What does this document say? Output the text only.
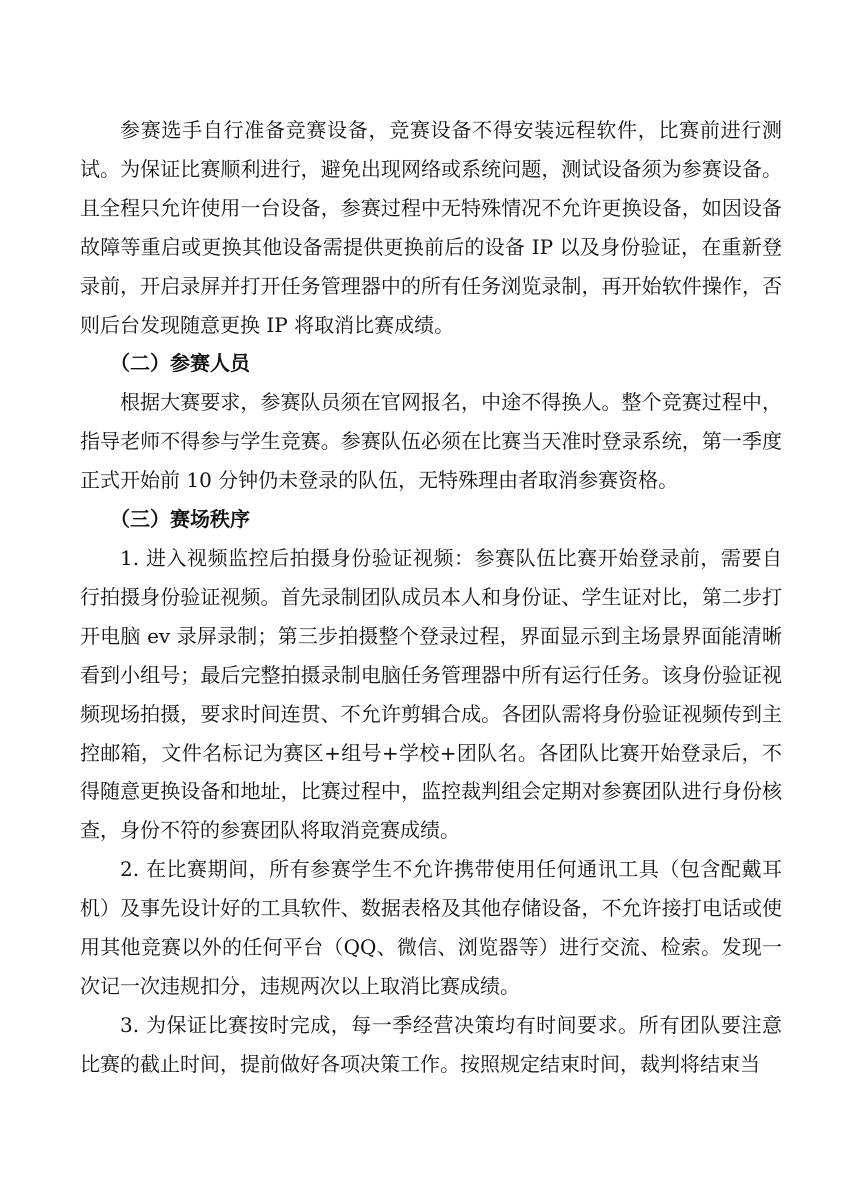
参赛选手自行准备竞赛设备，竞赛设备不得安装远程软件，比赛前进行测试。为保证比赛顺利进行，避免出现网络或系统问题，测试设备须为参赛设备。且全程只允许使用一台设备，参赛过程中无特殊情况不允许更换设备，如因设备故障等重启或更换其他设备需提供更换前后的设备 IP 以及身份验证，在重新登录前，开启录屏并打开任务管理器中的所有任务浏览录制，再开始软件操作，否则后台发现随意更换 IP 将取消比赛成绩。

（二）参赛人员

根据大赛要求，参赛队员须在官网报名，中途不得换人。整个竞赛过程中，指导老师不得参与学生竞赛。参赛队伍必须在比赛当天准时登录系统，第一季度正式开始前 10 分钟仍未登录的队伍，无特殊理由者取消参赛资格。

（三）赛场秩序

1. 进入视频监控后拍摄身份验证视频：参赛队伍比赛开始登录前，需要自行拍摄身份验证视频。首先录制团队成员本人和身份证、学生证对比，第二步打开电脑 ev 录屏录制；第三步拍摄整个登录过程，界面显示到主场景界面能清晰看到小组号；最后完整拍摄录制电脑任务管理器中所有运行任务。该身份验证视频现场拍摄，要求时间连贯、不允许剪辑合成。各团队需将身份验证视频传到主控邮箱，文件名标记为赛区+组号+学校+团队名。各团队比赛开始登录后，不得随意更换设备和地址，比赛过程中，监控裁判组会定期对参赛团队进行身份核查，身份不符的参赛团队将取消竞赛成绩。

2. 在比赛期间，所有参赛学生不允许携带使用任何通讯工具（包含配戴耳机）及事先设计好的工具软件、数据表格及其他存储设备，不允许接打电话或使用其他竞赛以外的任何平台（QQ、微信、浏览器等）进行交流、检索。发现一次记一次违规扣分，违规两次以上取消比赛成绩。

3. 为保证比赛按时完成，每一季经营决策均有时间要求。所有团队要注意比赛的截止时间，提前做好各项决策工作。按照规定结束时间，裁判将结束当
